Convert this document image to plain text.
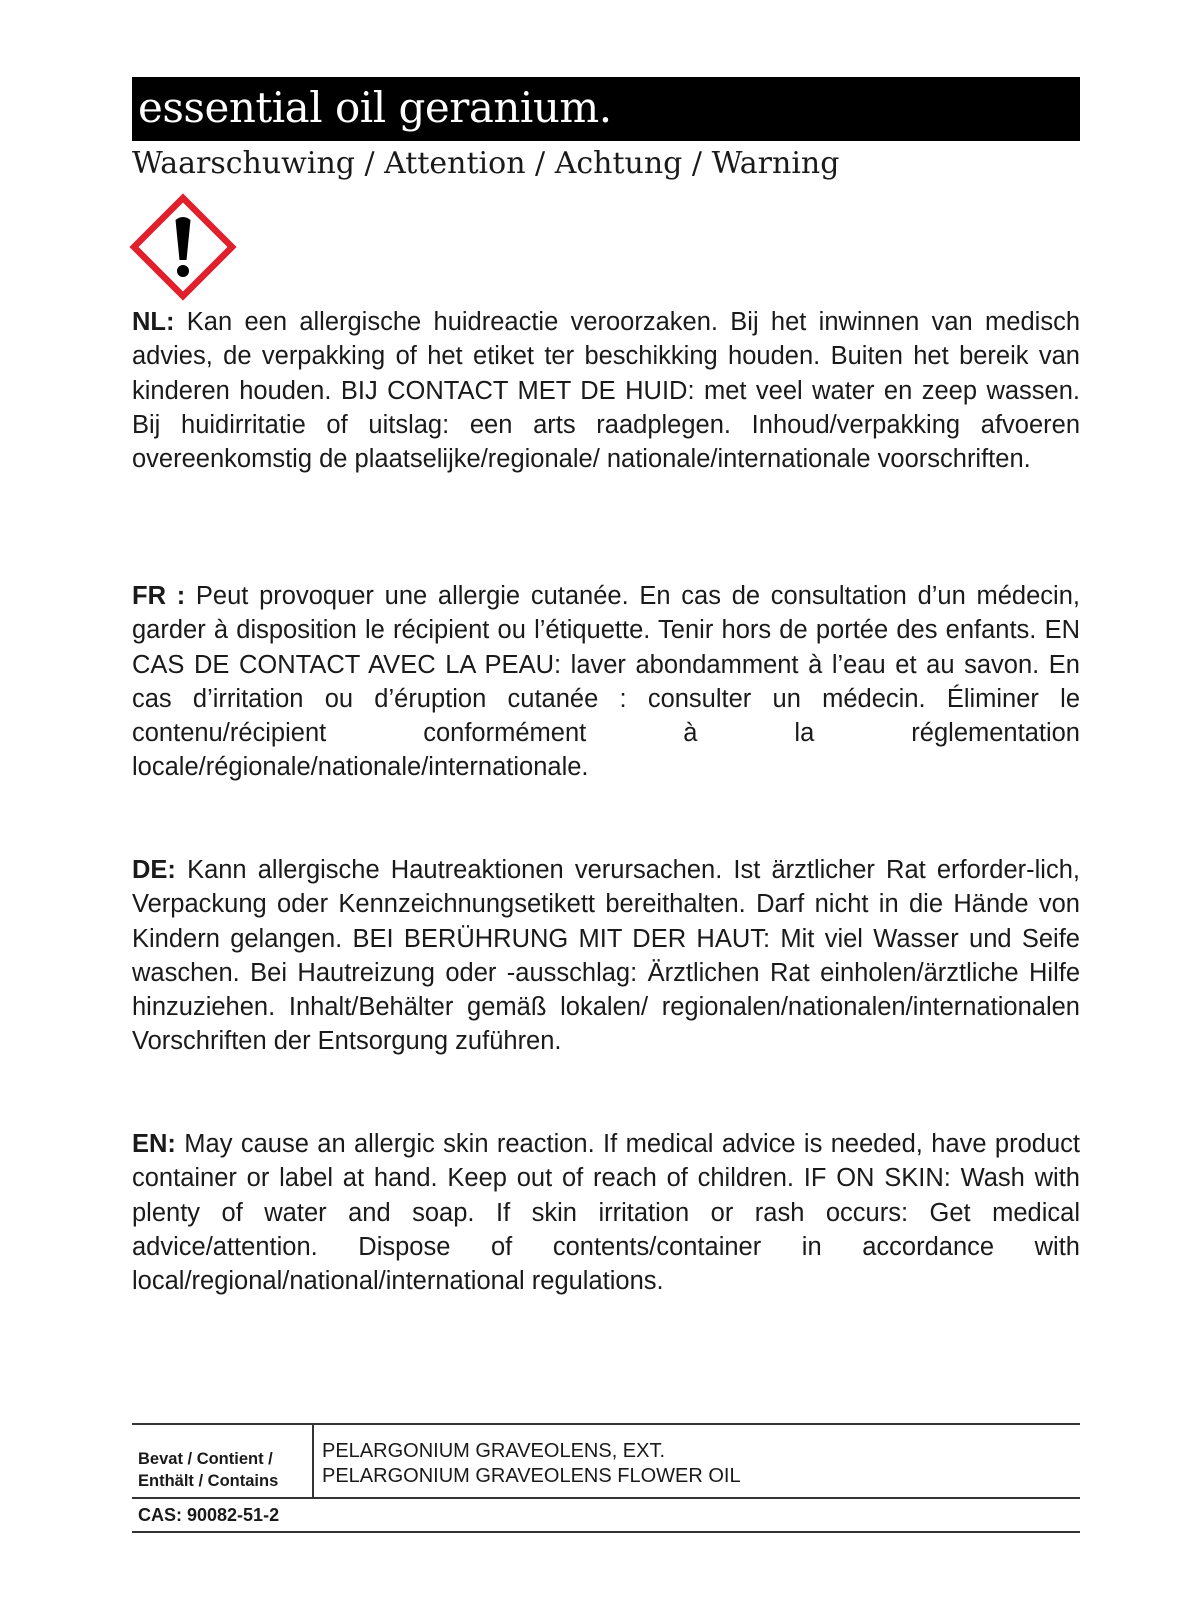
essential oil geranium.
Waarschuwing / Attention / Achtung / Warning
NL: Kan een allergische huidreactie veroorzaken. Bij het inwinnen van medisch advies, de verpakking of het etiket ter beschikking houden. Buiten het bereik van kinderen houden. BIJ CONTACT MET DE HUID: met veel water en zeep wassen. Bij huidirritatie of uitslag: een arts raadplegen. Inhoud/verpakking afvoeren overeenkomstig de plaatselijke/regionale/ nationale/internationale voorschriften.
FR : Peut provoquer une allergie cutanée. En cas de consultation d’un médecin, garder à disposition le récipient ou l’étiquette. Tenir hors de portée des enfants. EN CAS DE CONTACT AVEC LA PEAU: laver abondamment à l’eau et au savon. En cas d’irritation ou d’éruption cutanée : consulter un médecin. Éliminer le contenu/récipient conformément à la réglementation locale/régionale/nationale/internationale.
DE: Kann allergische Hautreaktionen verursachen. Ist ärztlicher Rat erforder-lich, Verpackung oder Kennzeichnungsetikett bereithalten. Darf nicht in die Hände von Kindern gelangen. BEI BERÜHRUNG MIT DER HAUT: Mit viel Wasser und Seife waschen. Bei Hautreizung oder -ausschlag: Ärztlichen Rat einholen/ärztliche Hilfe hinzuziehen. Inhalt/Behälter gemäß lokalen/ regionalen/nationalen/internationalen Vorschriften der Entsorgung zuführen.
EN: May cause an allergic skin reaction. If medical advice is needed, have product container or label at hand. Keep out of reach of children. IF ON SKIN: Wash with plenty of water and soap. If skin irritation or rash occurs: Get medical advice/attention. Dispose of contents/container in accordance with local/regional/national/international regulations.
Bevat / Contient /
Enthält / Contains
PELARGONIUM GRAVEOLENS, EXT.
PELARGONIUM GRAVEOLENS FLOWER OIL
CAS: 90082-51-2
